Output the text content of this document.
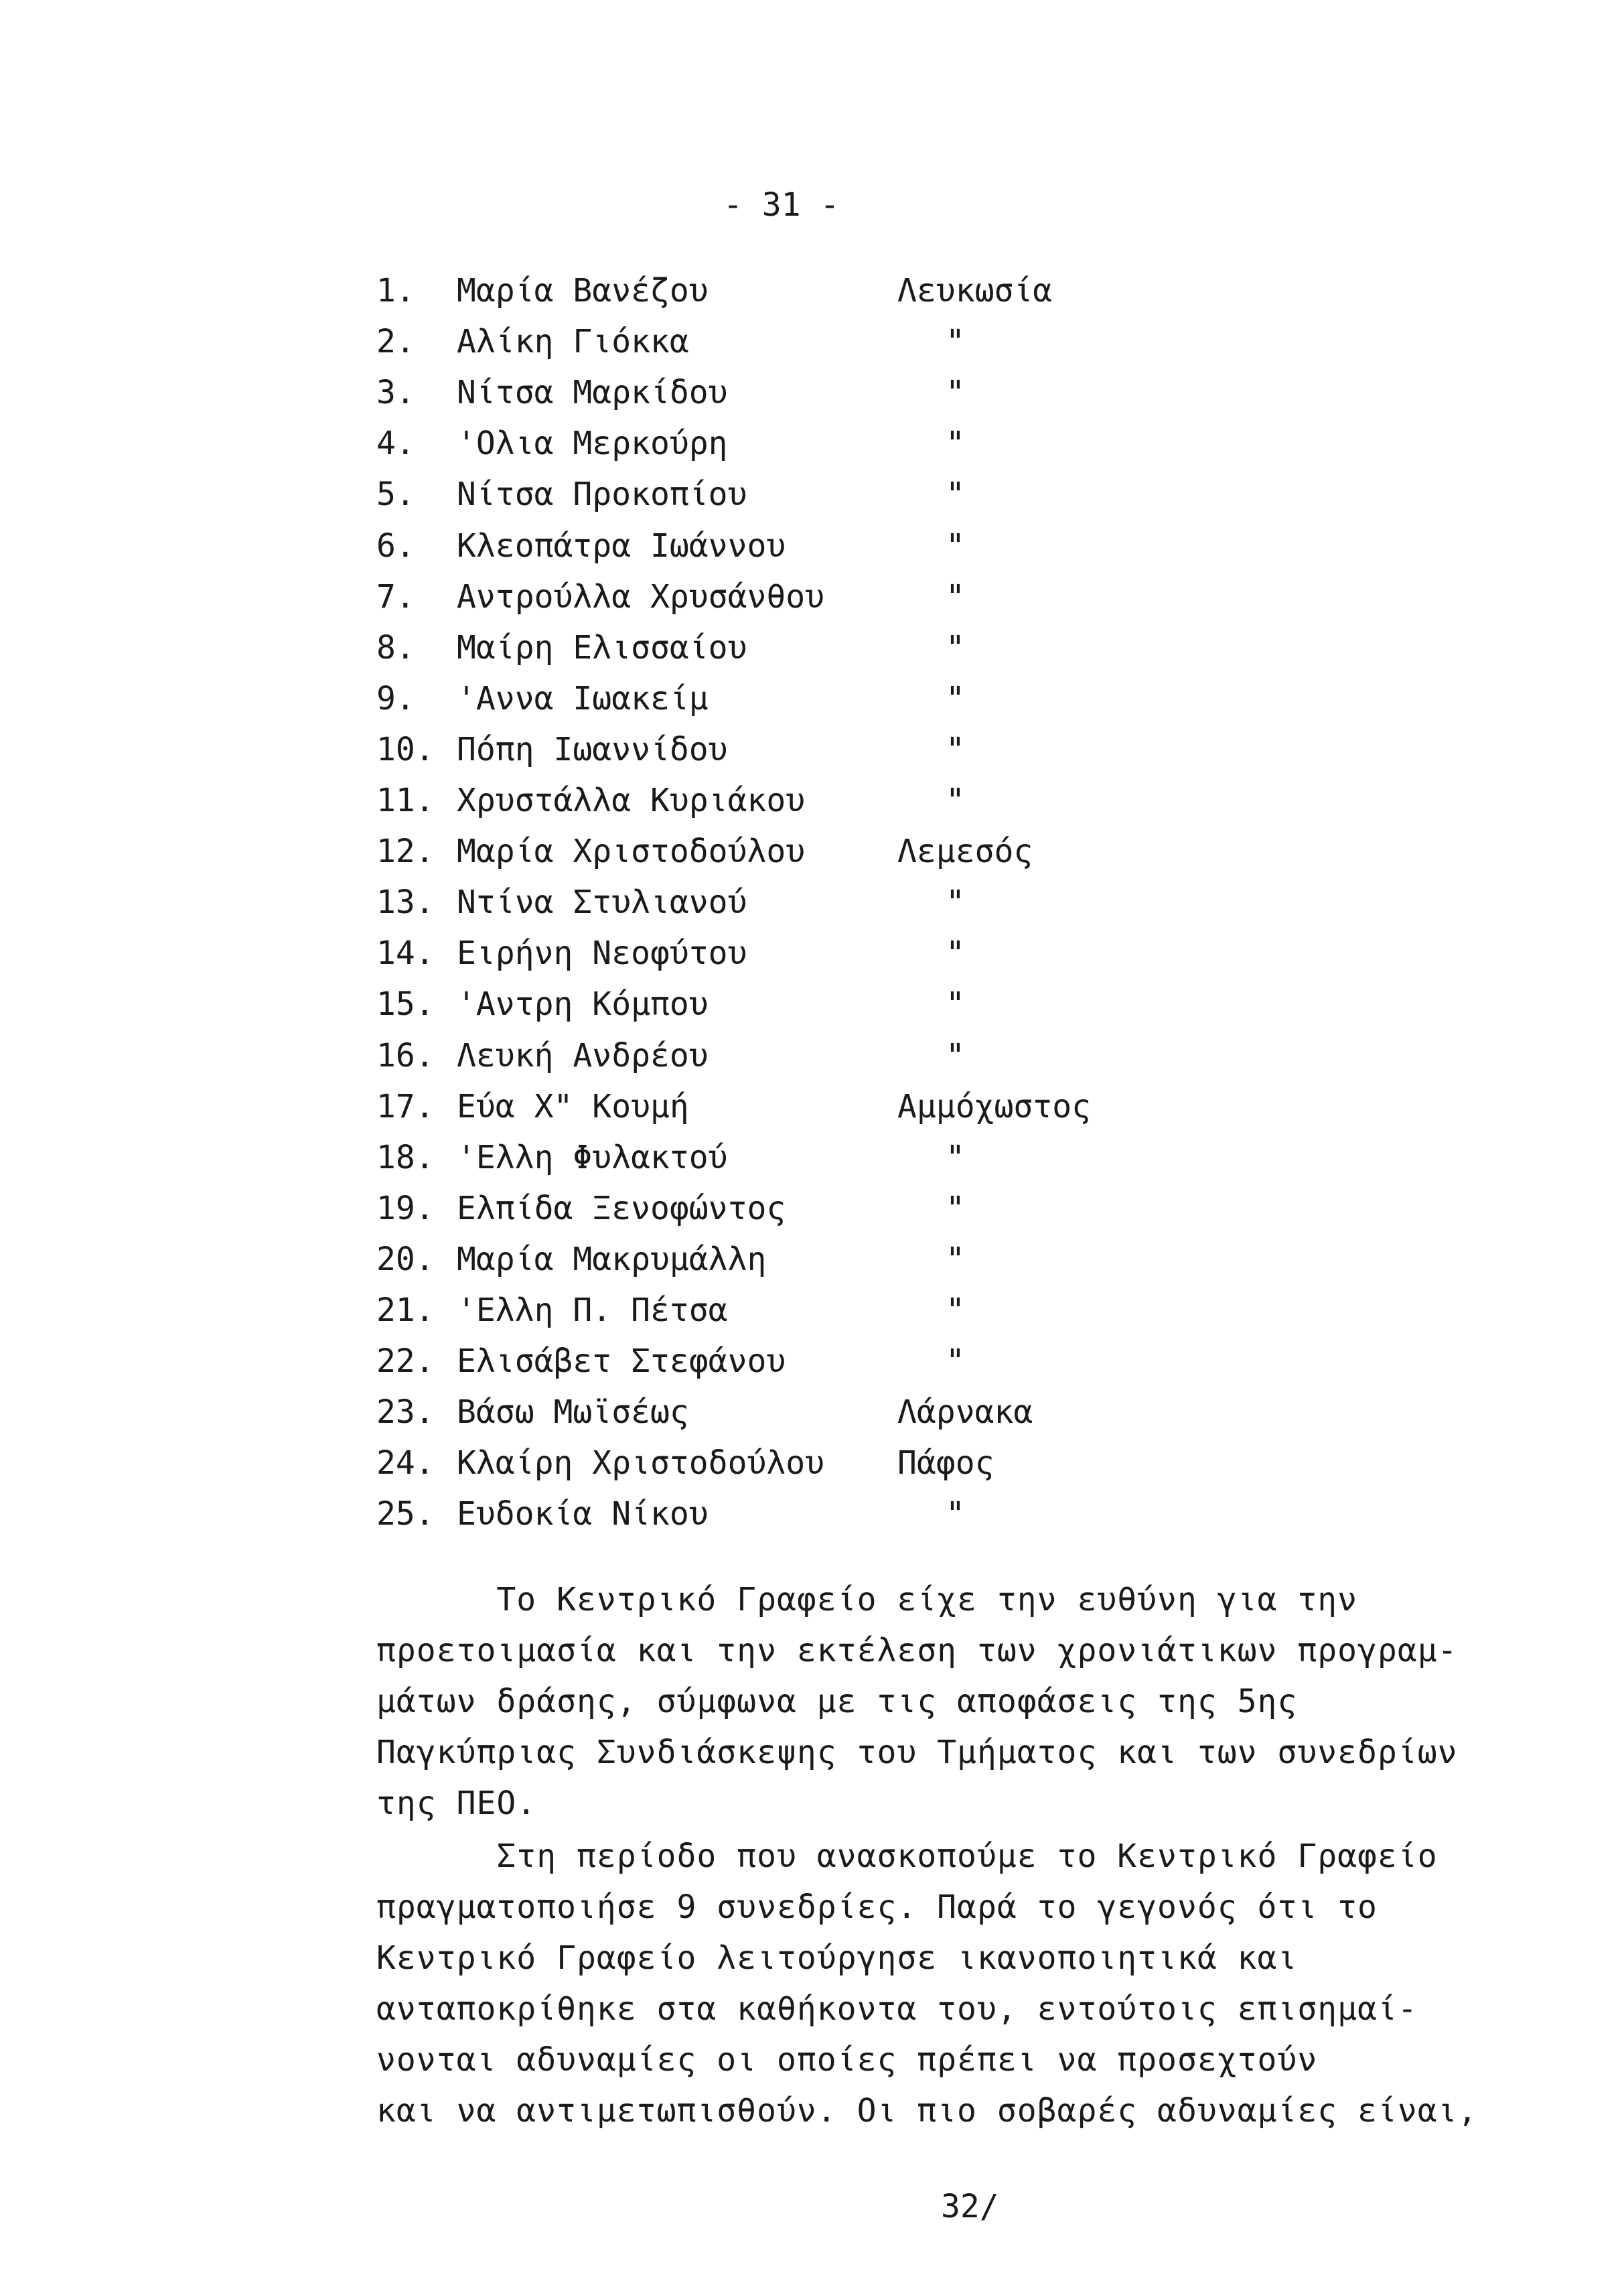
- 31 -
1. Μαρία Βανέζου	Λευκωσία
2. Αλίκη Γιόκκα	"
3. Νίτσα Μαρκίδου	"
4. 'Ολια Μερκούρη	"
5. Νίτσα Προκοπίου	"
6. Κλεοπάτρα Ιωάννου	"
7. Αντρούλλα Χρυσάνθου	"
8. Μαίρη Ελισσαίου	"
9. 'Αννα Ιωακείμ	"
10. Πόπη Ιωαννίδου	"
11. Χρυστάλλα Κυριάκου	"
12. Μαρία Χριστοδούλου	Λεμεσός
13. Ντίνα Στυλιανού	"
14. Ειρήνη Νεοφύτου	"
15. 'Αντρη Κόμπου	"
16. Λευκή Ανδρέου	"
17. Εύα Χ" Κουμή	Αμμόχωστος
18. 'Ελλη Φυλακτού	"
19. Ελπίδα Ξενοφώντος	"
20. Μαρία Μακρυμάλλη	"
21. 'Ελλη Π. Πέτσα	"
22. Ελισάβετ Στεφάνου	"
23. Βάσω Μωϊσέως	Λάρνακα
24. Κλαίρη Χριστοδούλου Πάφος
25. Ευδοκία Νίκου	"
Το Κεντρικό Γραφείο είχε την ευθύνη για την
προετοιμασία και την εκτέλεση των χρονιάτικων προγραμ-
μάτων δράσης, σύμφωνα με τις αποφάσεις της 5ης
Παγκύπριας Συνδιάσκεψης του Τμήματος και των συνεδρίων
της ΠΕΟ.
Στη περίοδο που ανασκοπούμε το Κεντρικό Γραφείο
πραγματοποιήσε 9 συνεδρίες. Παρά το γεγονός ότι το
Κεντρικό Γραφείο λειτούργησε ικανοποιητικά και
ανταποκρίθηκε στα καθήκοντα του, εντούτοις επισημαί-
νονται αδυναμίες οι οποίες πρέπει να προσεχτούν
και να αντιμετωπισθούν. Οι πιο σοβαρές αδυναμίες είναι,
32/
